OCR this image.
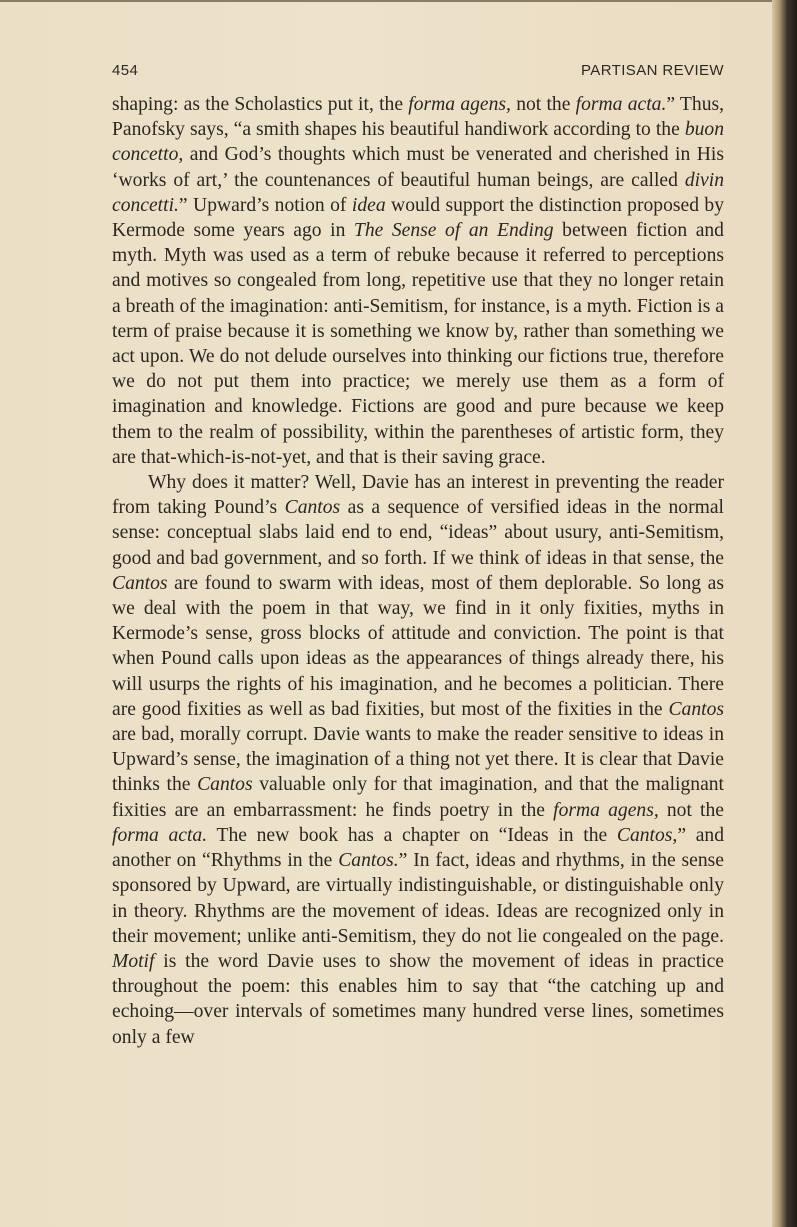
454	PARTISAN REVIEW

shaping: as the Scholastics put it, the forma agens, not the forma acta.” Thus, Panofsky says, “a smith shapes his beautiful handiwork according to the buon concetto, and God’s thoughts which must be venerated and cherished in His ‘works of art,’ the countenances of beautiful human beings, are called divin concetti.” Upward’s notion of idea would support the distinction proposed by Kermode some years ago in The Sense of an Ending between fiction and myth. Myth was used as a term of rebuke because it referred to perceptions and motives so congealed from long, repetitive use that they no longer retain a breath of the imagination: anti-Semitism, for instance, is a myth. Fiction is a term of praise because it is something we know by, rather than something we act upon. We do not delude ourselves into thinking our fictions true, therefore we do not put them into practice; we merely use them as a form of imagination and knowledge. Fictions are good and pure because we keep them to the realm of possibility, within the parentheses of artistic form, they are that-which-is-not-yet, and that is their saving grace.

Why does it matter? Well, Davie has an interest in preventing the reader from taking Pound’s Cantos as a sequence of versified ideas in the normal sense: conceptual slabs laid end to end, “ideas” about usury, anti-Semitism, good and bad government, and so forth. If we think of ideas in that sense, the Cantos are found to swarm with ideas, most of them deplorable. So long as we deal with the poem in that way, we find in it only fixities, myths in Kermode’s sense, gross blocks of attitude and conviction. The point is that when Pound calls upon ideas as the appearances of things already there, his will usurps the rights of his imagination, and he becomes a politician. There are good fixities as well as bad fixities, but most of the fixities in the Cantos are bad, morally corrupt. Davie wants to make the reader sensitive to ideas in Upward’s sense, the imagination of a thing not yet there. It is clear that Davie thinks the Cantos valuable only for that imagination, and that the malignant fixities are an embarrassment: he finds poetry in the forma agens, not the forma acta. The new book has a chapter on “Ideas in the Cantos,” and another on “Rhythms in the Cantos.” In fact, ideas and rhythms, in the sense sponsored by Upward, are virtually indistinguishable, or distinguishable only in theory. Rhythms are the movement of ideas. Ideas are recognized only in their movement; unlike anti-Semitism, they do not lie congealed on the page. Motif is the word Davie uses to show the movement of ideas in practice throughout the poem: this enables him to say that “the catching up and echoing—over intervals of sometimes many hundred verse lines, sometimes only a few
